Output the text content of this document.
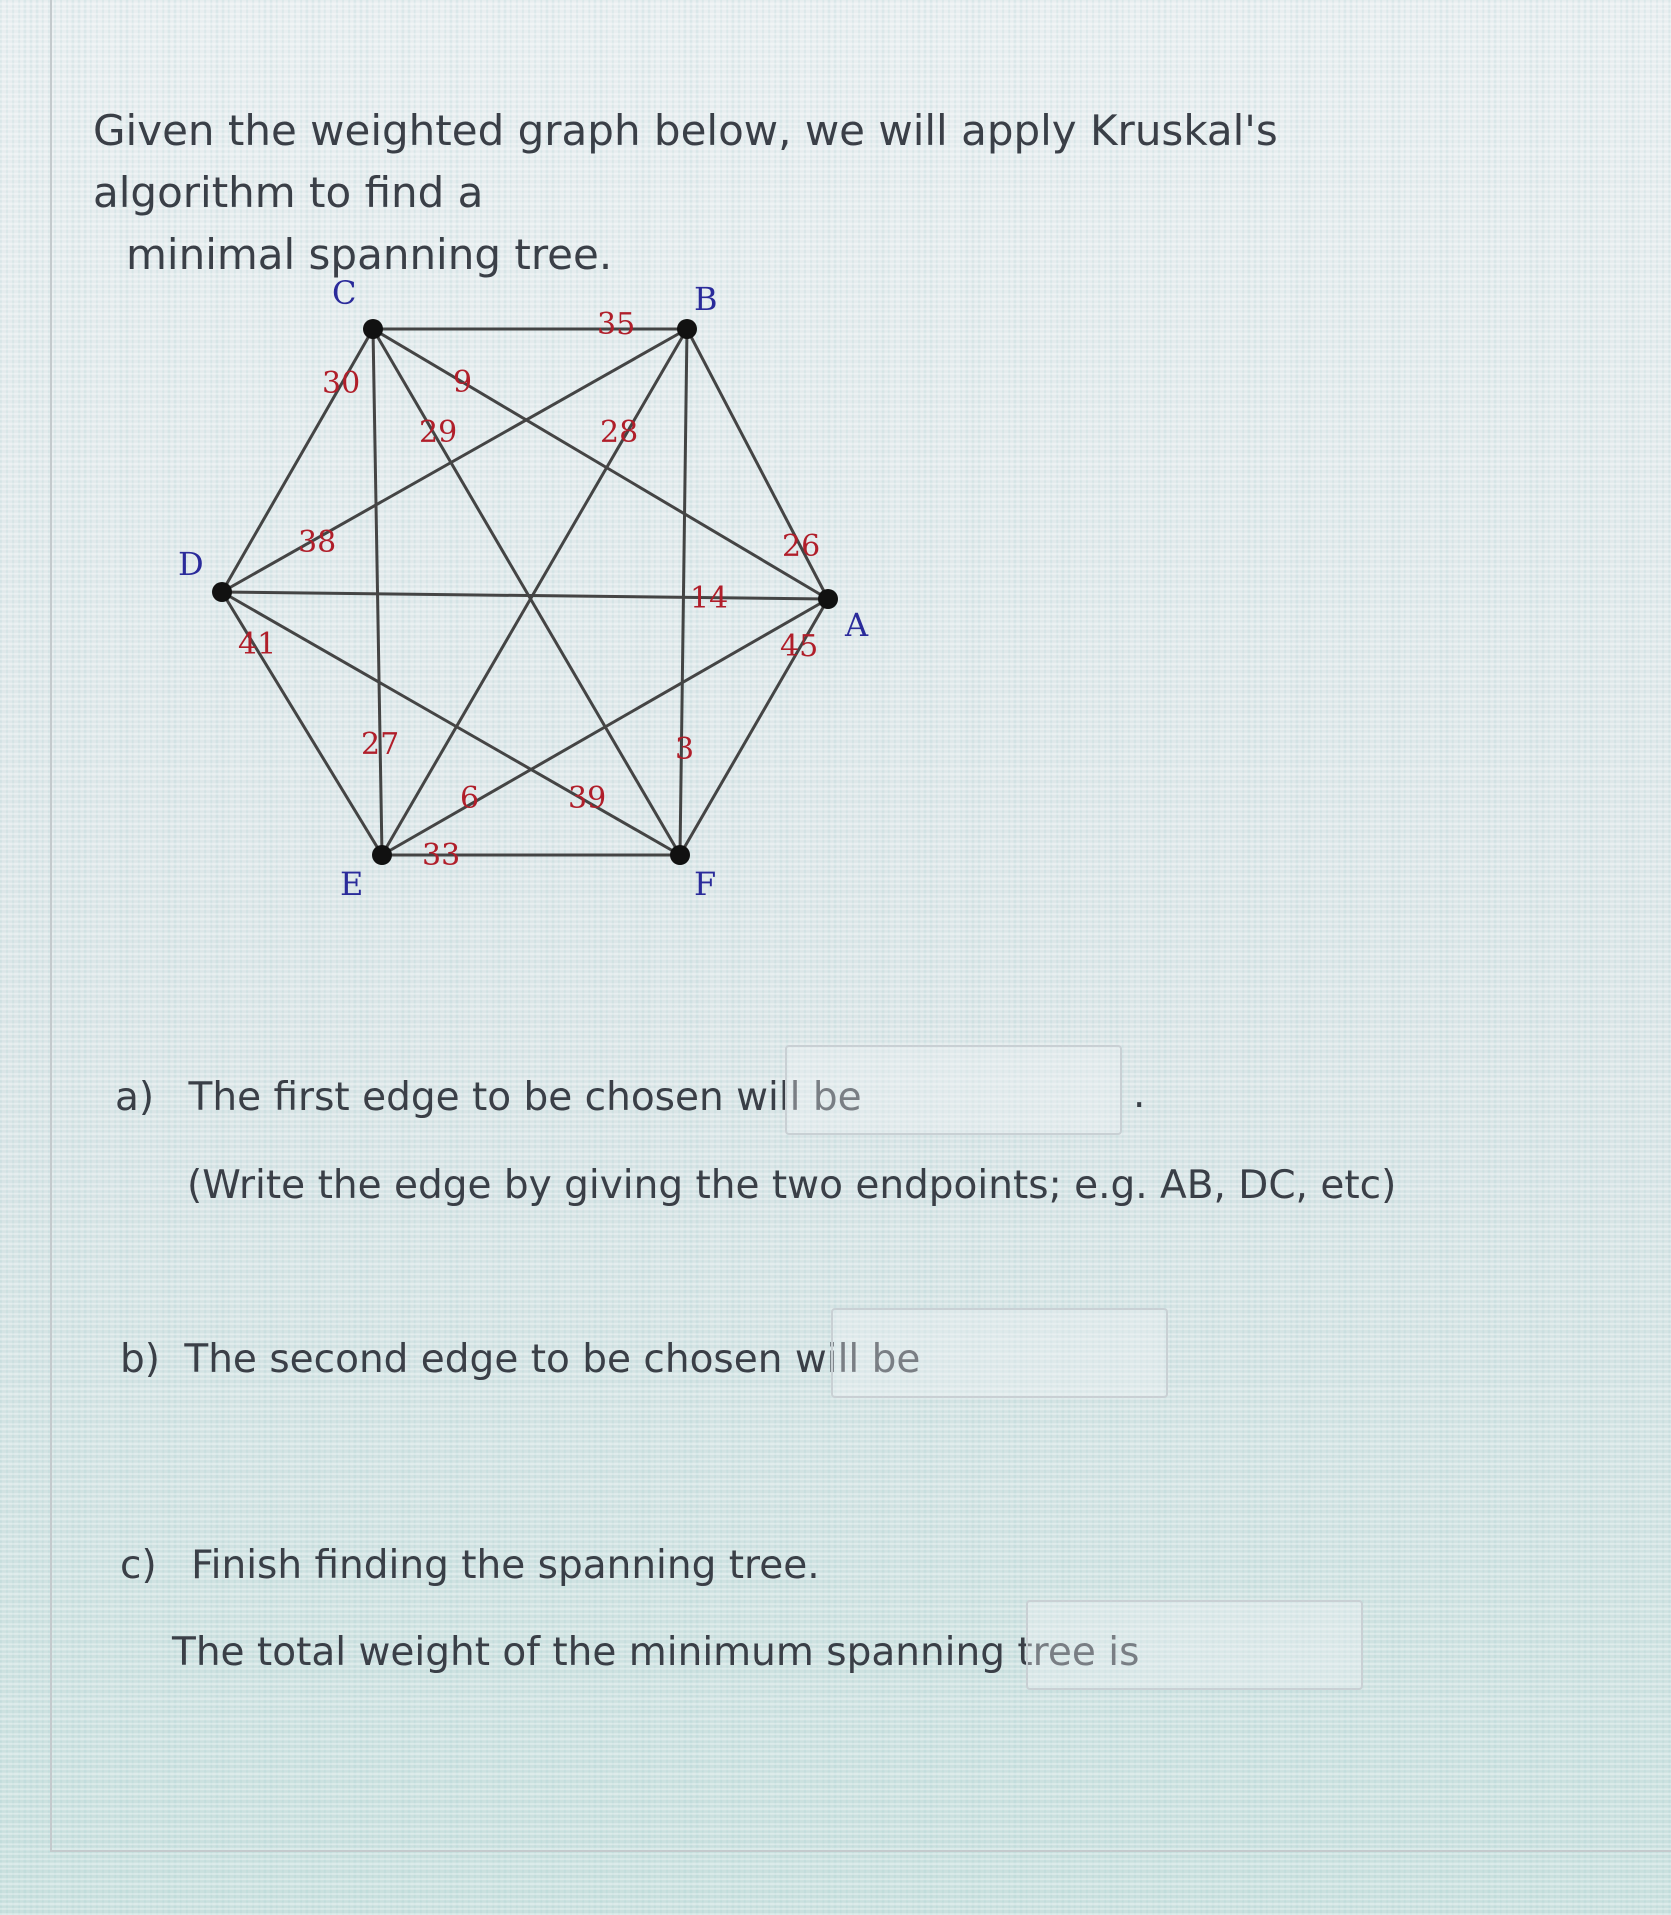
Given the weighted graph below, we will apply Kruskal's algorithm to find a
minimal spanning tree.
35
30	9
29
27
38
28
26
3
14
41
39
6
45
33
A
B
C
D
E	F
a) The first edge to be chosen will be	.
(Write the edge by giving the two endpoints; e.g. AB, DC, etc)
b) The second edge to be chosen will be
c) Finish finding the spanning tree.
The total weight of the minimum spanning tree is
